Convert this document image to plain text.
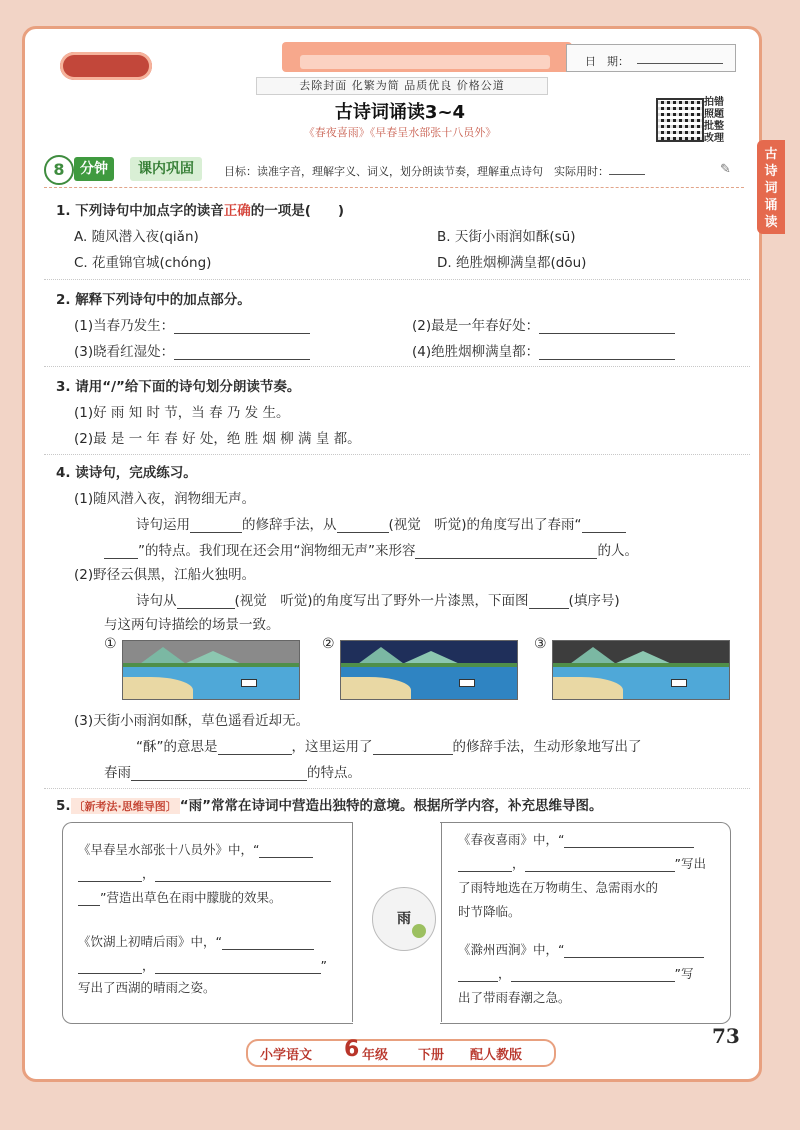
日　期：
去除封面 化繁为简 品质优良 价格公道
古诗词诵读3~4
《春夜喜雨》《早春呈水部张十八员外》
拍错
照题
批整
改理
古诗词诵读
8	分钟	课内巩固	目标：读准字音，理解字义、词义，划分朗读节奏，理解重点诗句　实际用时：	✎
1. 下列诗句中加点字的读音正确的一项是(　　)
A. 随风潜入夜(qiǎn)	B. 天街小雨润如酥(sū)
C. 花重锦官城(chóng)	D. 绝胜烟柳满皇都(dōu)
2. 解释下列诗句中的加点部分。
(1)当春乃发生：	(2)最是一年春好处：
(3)晓看红湿处：	(4)绝胜烟柳满皇都：
3. 请用“/”给下面的诗句划分朗读节奏。
(1)好 雨 知 时 节，当 春 乃 发 生。
(2)最 是 一 年 春 好 处，绝 胜 烟 柳 满 皇 都。
4. 读诗句，完成练习。
(1)随风潜入夜，润物细无声。
诗句运用	的修辞手法，从	(视觉　听觉)的角度写出了春雨“
”的特点。我们现在还会用“润物细无声”来形容	的人。
(2)野径云俱黑，江船火独明。
诗句从	(视觉　听觉)的角度写出了野外一片漆黑，下面图	(填序号)
与这两句诗描绘的场景一致。
①	②	③
(3)天街小雨润如酥，草色遥看近却无。
“酥”的意思是	，这里运用了	的修辞手法，生动形象地写出了
春雨	的特点。
5. 〔新考法·思维导图〕 “雨”常常在诗词中营造出独特的意境。根据所学内容，补充思维导图。
雨
《早春呈水部张十八员外》中，“
，
”营造出草色在雨中朦胧的效果。
《饮湖上初晴后雨》中，“
，	”
写出了西湖的晴雨之姿。
《春夜喜雨》中，“
，	”写出
了雨特地选在万物萌生、急需雨水的
时节降临。
《滁州西涧》中，“
，	”写
出了带雨春潮之急。
73
小学语文 6 年级 下册 配人教版
